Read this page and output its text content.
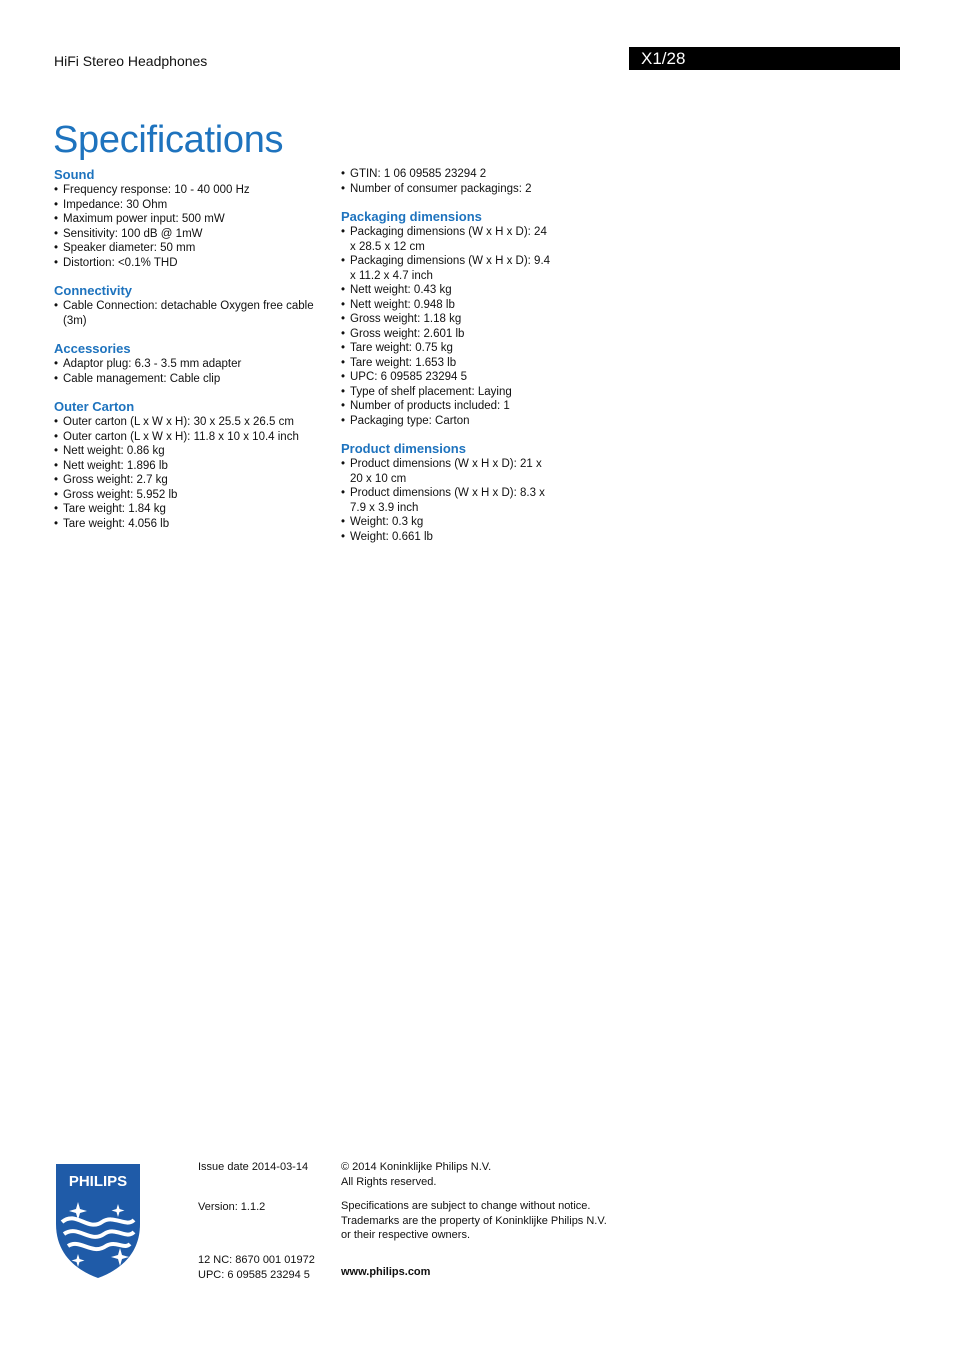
HiFi Stereo Headphones	X1/28
Specifications
Sound
• Frequency response: 10 - 40 000 Hz
• Impedance: 30 Ohm
• Maximum power input: 500 mW
• Sensitivity: 100 dB @ 1mW
• Speaker diameter: 50 mm
• Distortion: <0.1% THD
Connectivity
• Cable Connection: detachable Oxygen free cable (3m)
Accessories
• Adaptor plug: 6.3 - 3.5 mm adapter
• Cable management: Cable clip
Outer Carton
• Outer carton (L x W x H): 30 x 25.5 x 26.5 cm
• Outer carton (L x W x H): 11.8 x 10 x 10.4 inch
• Nett weight: 0.86 kg
• Nett weight: 1.896 lb
• Gross weight: 2.7 kg
• Gross weight: 5.952 lb
• Tare weight: 1.84 kg
• Tare weight: 4.056 lb
• GTIN: 1 06 09585 23294 2
• Number of consumer packagings: 2
Packaging dimensions
• Packaging dimensions (W x H x D): 24 x 28.5 x 12 cm
• Packaging dimensions (W x H x D): 9.4 x 11.2 x 4.7 inch
• Nett weight: 0.43 kg
• Nett weight: 0.948 lb
• Gross weight: 1.18 kg
• Gross weight: 2.601 lb
• Tare weight: 0.75 kg
• Tare weight: 1.653 lb
• UPC: 6 09585 23294 5
• Type of shelf placement: Laying
• Number of products included: 1
• Packaging type: Carton
Product dimensions
• Product dimensions (W x H x D): 21 x 20 x 10 cm
• Product dimensions (W x H x D): 8.3 x 7.9 x 3.9 inch
• Weight: 0.3 kg
• Weight: 0.661 lb
PHILIPS
Issue date 2014-03-14
Version: 1.1.2
12 NC: 8670 001 01972
UPC: 6 09585 23294 5
© 2014 Koninklijke Philips N.V.
All Rights reserved.
Specifications are subject to change without notice.
Trademarks are the property of Koninklijke Philips N.V.
or their respective owners.
www.philips.com
